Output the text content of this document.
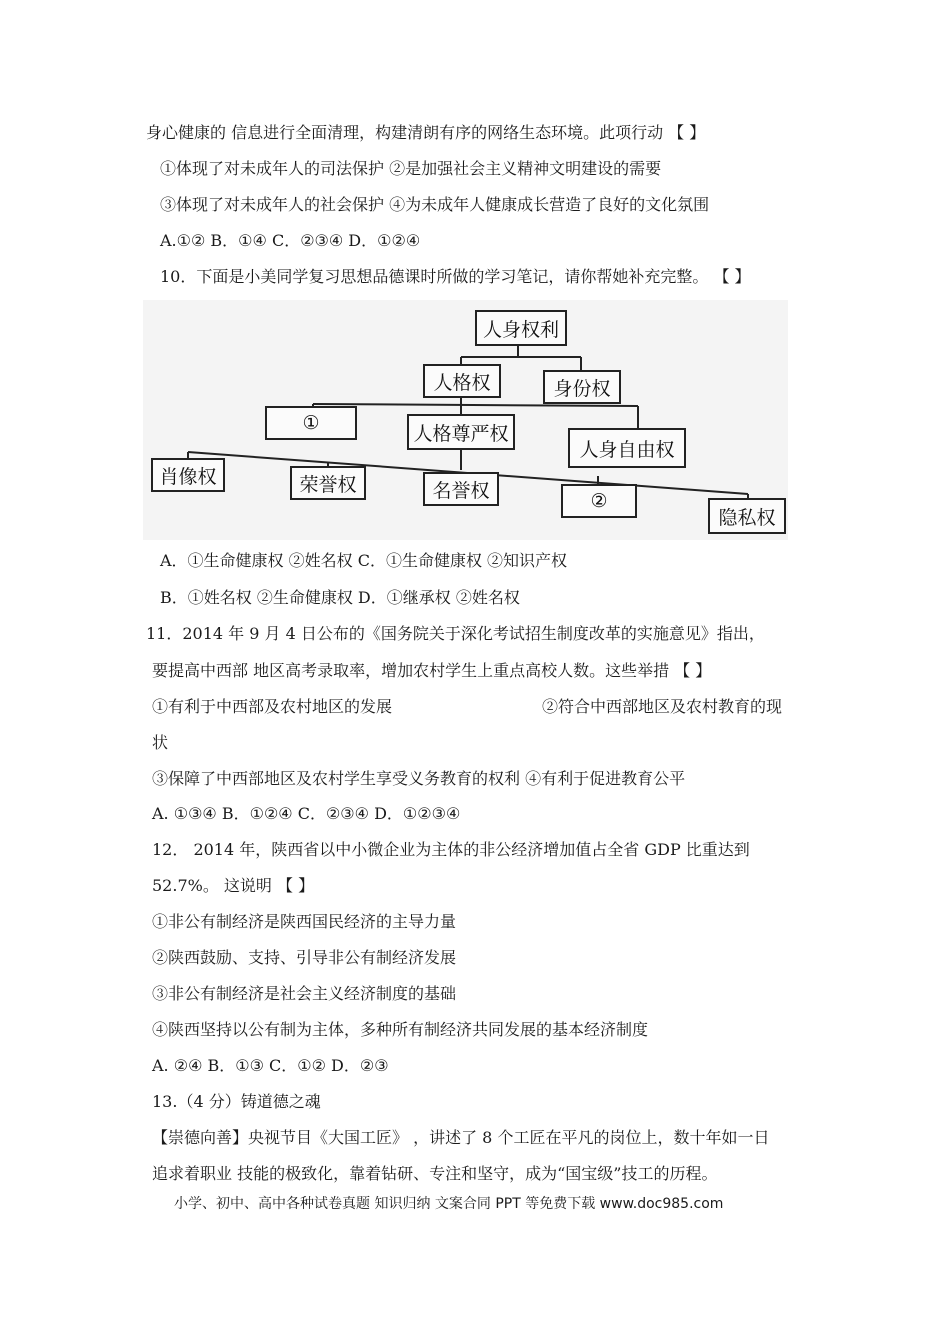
身心健康的 信息进行全面清理，构建清朗有序的网络生态环境。此项行动 【 】
①体现了对未成年人的司法保护 ②是加强社会主义精神文明建设的需要
③体现了对未成年人的社会保护 ④为未成年人健康成长营造了良好的文化氛围
A.①② B．①④ C．②③④ D．①②④
10．下面是小美同学复习思想品德课时所做的学习笔记，请你帮她补充完整。 【 】
人身权利
人格权	身份权
①	人格尊严权
人身自由权
肖像权	荣誉权	名誉权	②
隐私权
A．①生命健康权 ②姓名权 C．①生命健康权 ②知识产权
B．①姓名权 ②生命健康权 D．①继承权 ②姓名权
11．2014 年 9 月 4 日公布的《国务院关于深化考试招生制度改革的实施意见》指出，
要提高中西部 地区高考录取率，增加农村学生上重点高校人数。这些举措 【 】
①有利于中西部及农村地区的发展	②符合中西部地区及农村教育的现
状
③保障了中西部地区及农村学生享受义务教育的权利 ④有利于促进教育公平
A. ①③④ B．①②④ C．②③④ D．①②③④
12． 2014 年，陕西省以中小微企业为主体的非公经济增加值占全省 GDP 比重达到
52.7%。 这说明 【 】
①非公有制经济是陕西国民经济的主导力量
②陕西鼓励、支持、引导非公有制经济发展
③非公有制经济是社会主义经济制度的基础
④陕西坚持以公有制为主体，多种所有制经济共同发展的基本经济制度
A. ②④ B．①③ C．①② D．②③
13.（4 分）铸道德之魂
【崇德向善】央视节目《大国工匠》 ，讲述了 8 个工匠在平凡的岗位上，数十年如一日
追求着职业 技能的极致化，靠着钻研、专注和坚守，成为“国宝级”技工的历程。
小学、初中、高中各种试卷真题 知识归纳 文案合同 PPT 等免费下载 www.doc985.com
